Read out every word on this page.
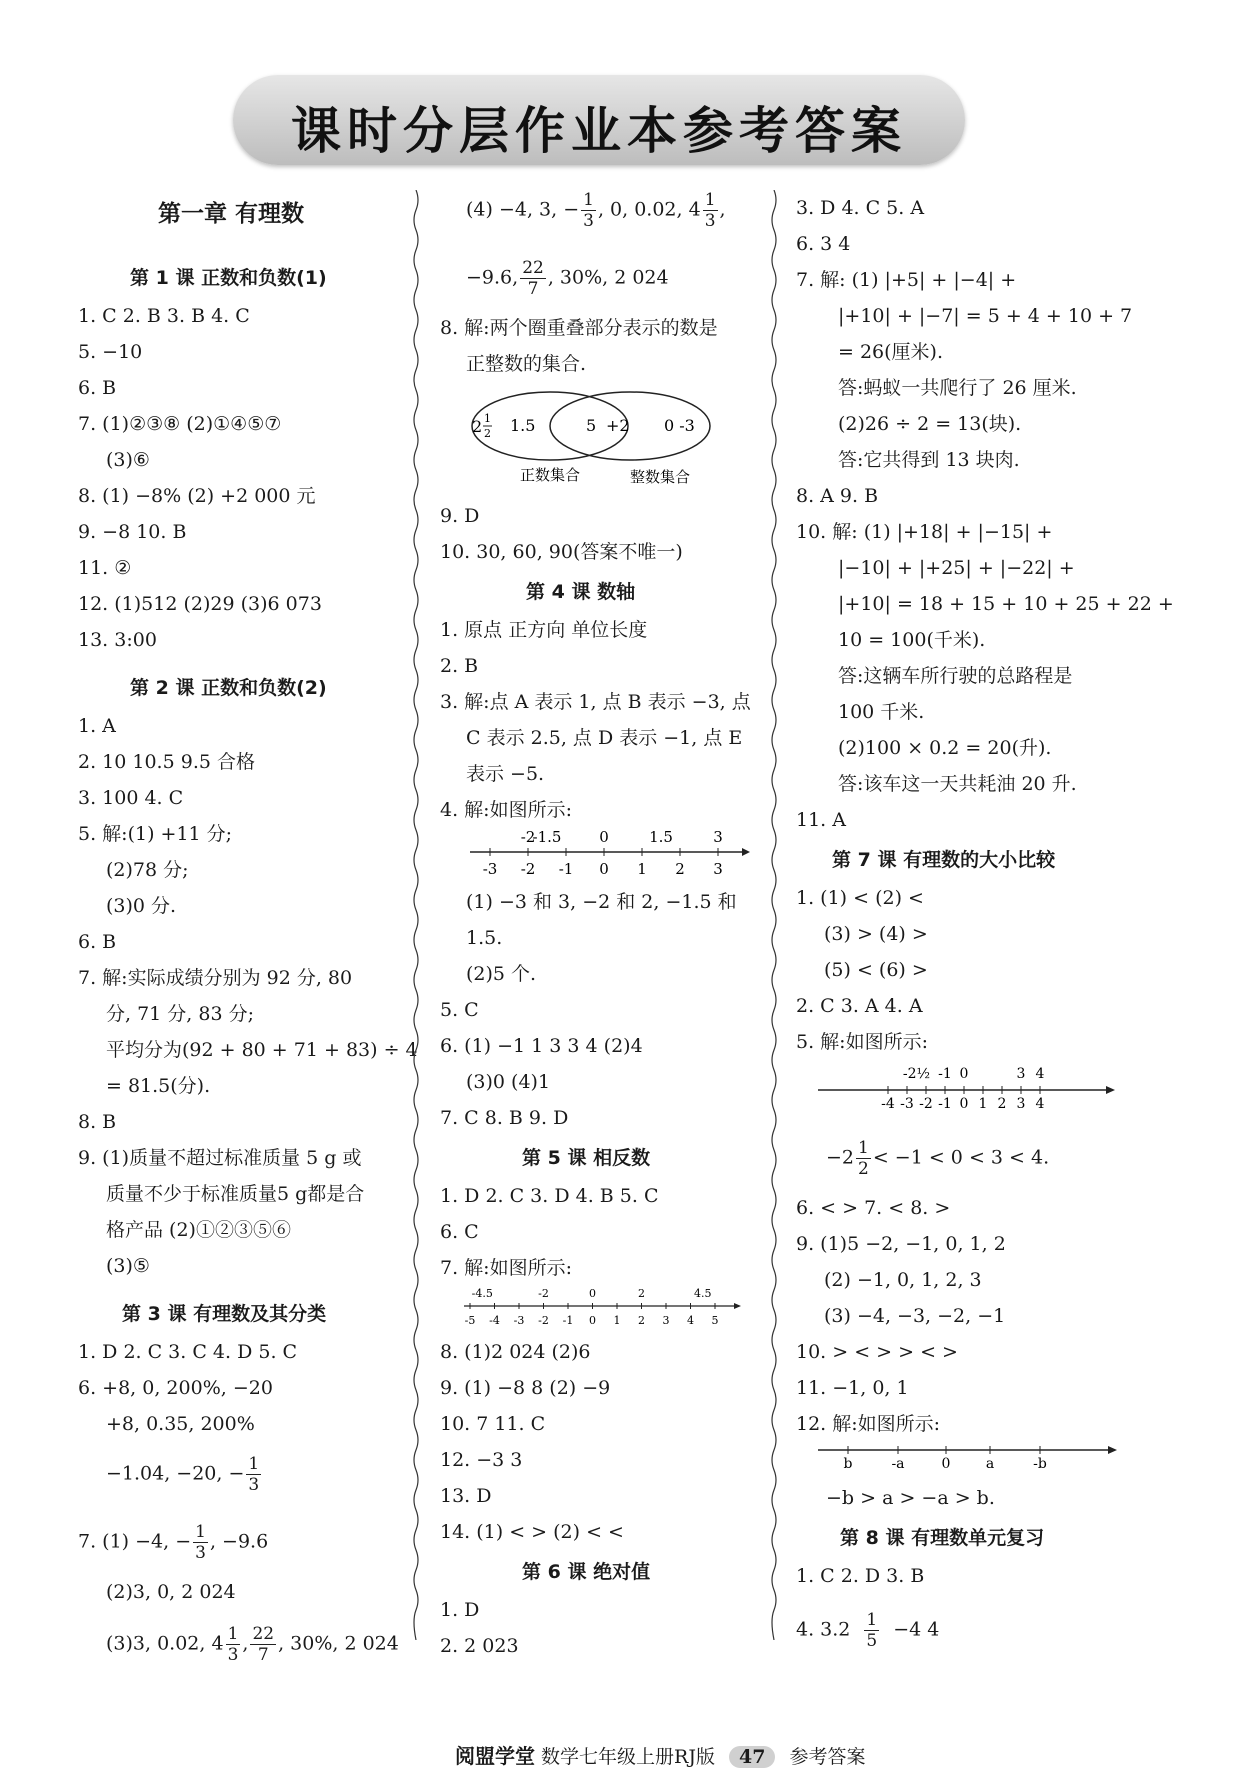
课时分层作业本参考答案
第一章 有理数
第 1 课 正数和负数(1)
1. C 2. B 3. B 4. C
5. −10
6. B
7. (1)②③⑧ (2)①④⑤⑦
(3)⑥
8. (1) −8% (2) +2 000 元
9. −8 10. B
11. ②
12. (1)512 (2)29 (3)6 073
13. 3:00
第 2 课 正数和负数(2)
1. A
2. 10 10.5 9.5 合格
3. 100 4. C
5. 解:(1) +11 分;
(2)78 分;
(3)0 分.
6. B
7. 解:实际成绩分别为 92 分, 80
分, 71 分, 83 分;
平均分为(92 + 80 + 71 + 83) ÷ 4
= 81.5(分).
8. B
9. (1)质量不超过标准质量 5 g 或
质量不少于标准质量5 g都是合
格产品 (2)①②③⑤⑥
(3)⑤
第 3 课 有理数及其分类
1. D 2. C 3. C 4. D 5. C
6. +8, 0, 200%, −20
+8, 0.35, 200%
−1.04, −20, − $\frac{1}{3}$
7. (1) −4, − $\frac{1}{3}$ , −9.6
(2)3, 0, 2 024
(3)3, 0.02, $4 \frac{1}{3}$ , $\frac{22}{7}$ , 30%, 2 024
(4) −4, 3, − $\frac{1}{3}$ , 0, 0.02, $4 \frac{1}{3}$ ,
−9.6, $\frac{22}{7}$ , 30%, 2 024
8. 解:两个圈重叠部分表示的数是
正整数的集合.
2 1
2 1.5	5 +2 0 -3
正数集合	整数集合
9. D
10. 30, 60, 90(答案不唯一)
第 4 课 数轴
1. 原点 正方向 单位长度
2. B
3. 解:点 A 表示 1, 点 B 表示 −3, 点
C 表示 2.5, 点 D 表示 −1, 点 E
表示 −5.
4. 解:如图所示:
-3 -2 -1 0 1 2 3
-1.5
-2	0	1.5	3
(1) −3 和 3, −2 和 2, −1.5 和
1.5.
(2)5 个.
5. C
6. (1) −1 1 3 3 4 (2)4
(3)0 (4)1
7. C 8. B 9. D
第 5 课 相反数
1. D 2. C 3. D 4. B 5. C
6. C
7. 解:如图所示:
-5 -4 -3 -2 -1 0 1 2 3 4 5
-4.5	-2	0	2	4.5
8. (1)2 024 (2)6
9. (1) −8 8 (2) −9
10. 7 11. C
12. −3 3
13. D
14. (1) < > (2) < <
第 6 课 绝对值
1. D
2. 2 023
3. D 4. C 5. A
6. 3 4
7. 解: (1) |+5| + |−4| +
|+10| + |−7| = 5 + 4 + 10 + 7
= 26(厘米).
答:蚂蚁一共爬行了 26 厘米.
(2)26 ÷ 2 = 13(块).
答:它共得到 13 块肉.
8. A 9. B
10. 解: (1) |+18| + |−15| +
|−10| + |+25| + |−22| +
|+10| = 18 + 15 + 10 + 25 + 22 +
10 = 100(千米).
答:这辆车所行驶的总路程是
100 千米.
(2)100 × 0.2 = 20(升).
答:该车这一天共耗油 20 升.
11. A
第 7 课 有理数的大小比较
1. (1) < (2) <
(3) > (4) >
(5) < (6) >
2. C 3. A 4. A
5. 解:如图所示:
-4 -3 -2 -1 0 1 2 3 4
-2½ -1 0	3 4
$-2 \frac{1}{2} < -1 < 0 < 3 < 4$.
6. < > 7. < 8. >
9. (1)5 −2, −1, 0, 1, 2
(2) −1, 0, 1, 2, 3
(3) −4, −3, −2, −1
10. > < > > < >
11. −1, 0, 1
12. 解:如图所示:
b	-a	0	a	-b
−b > a > −a > b.
第 8 课 有理数单元复习
1. C 2. D 3. B
4. $3.2 \frac{1}{5} -4$ 4
阅盟学堂 数学七年级上册RJ版 47 参考答案
